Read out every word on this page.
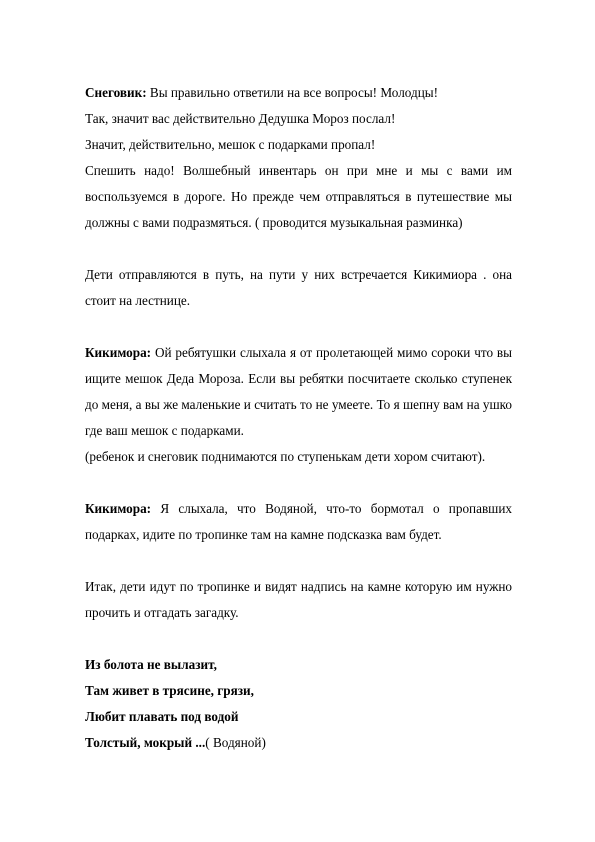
Снеговик: Вы правильно ответили на все вопросы! Молодцы!

Так, значит вас действительно Дедушка Мороз послал!

Значит, действительно, мешок с подарками пропал!

Спешить надо! Волшебный инвентарь он при мне и мы с вами им воспользуемся в дороге. Но прежде чем отправляться в путешествие мы должны с вами подразмяться. ( проводится музыкальная разминка)

Дети отправляются в путь, на пути у них встречается Кикимиора . она стоит на лестнице.

Кикимора: Ой ребятушки слыхала я от пролетающей мимо сороки что вы ищите мешок Деда Мороза. Если вы ребятки посчитаете сколько ступенек до меня, а вы же маленькие и считать то не умеете. То я шепну вам на ушко где ваш мешок с подарками.

(ребенок и снеговик поднимаются по ступенькам дети хором считают).

Кикимора: Я слыхала, что Водяной, что-то бормотал о пропавших подарках, идите по тропинке там на камне подсказка вам будет.

Итак, дети идут по тропинке и видят надпись на камне которую им нужно прочить и отгадать загадку.

Из болота не вылазит,

Там живет в трясине, грязи,

Любит плавать под водой

Толстый, мокрый ...( Водяной)
